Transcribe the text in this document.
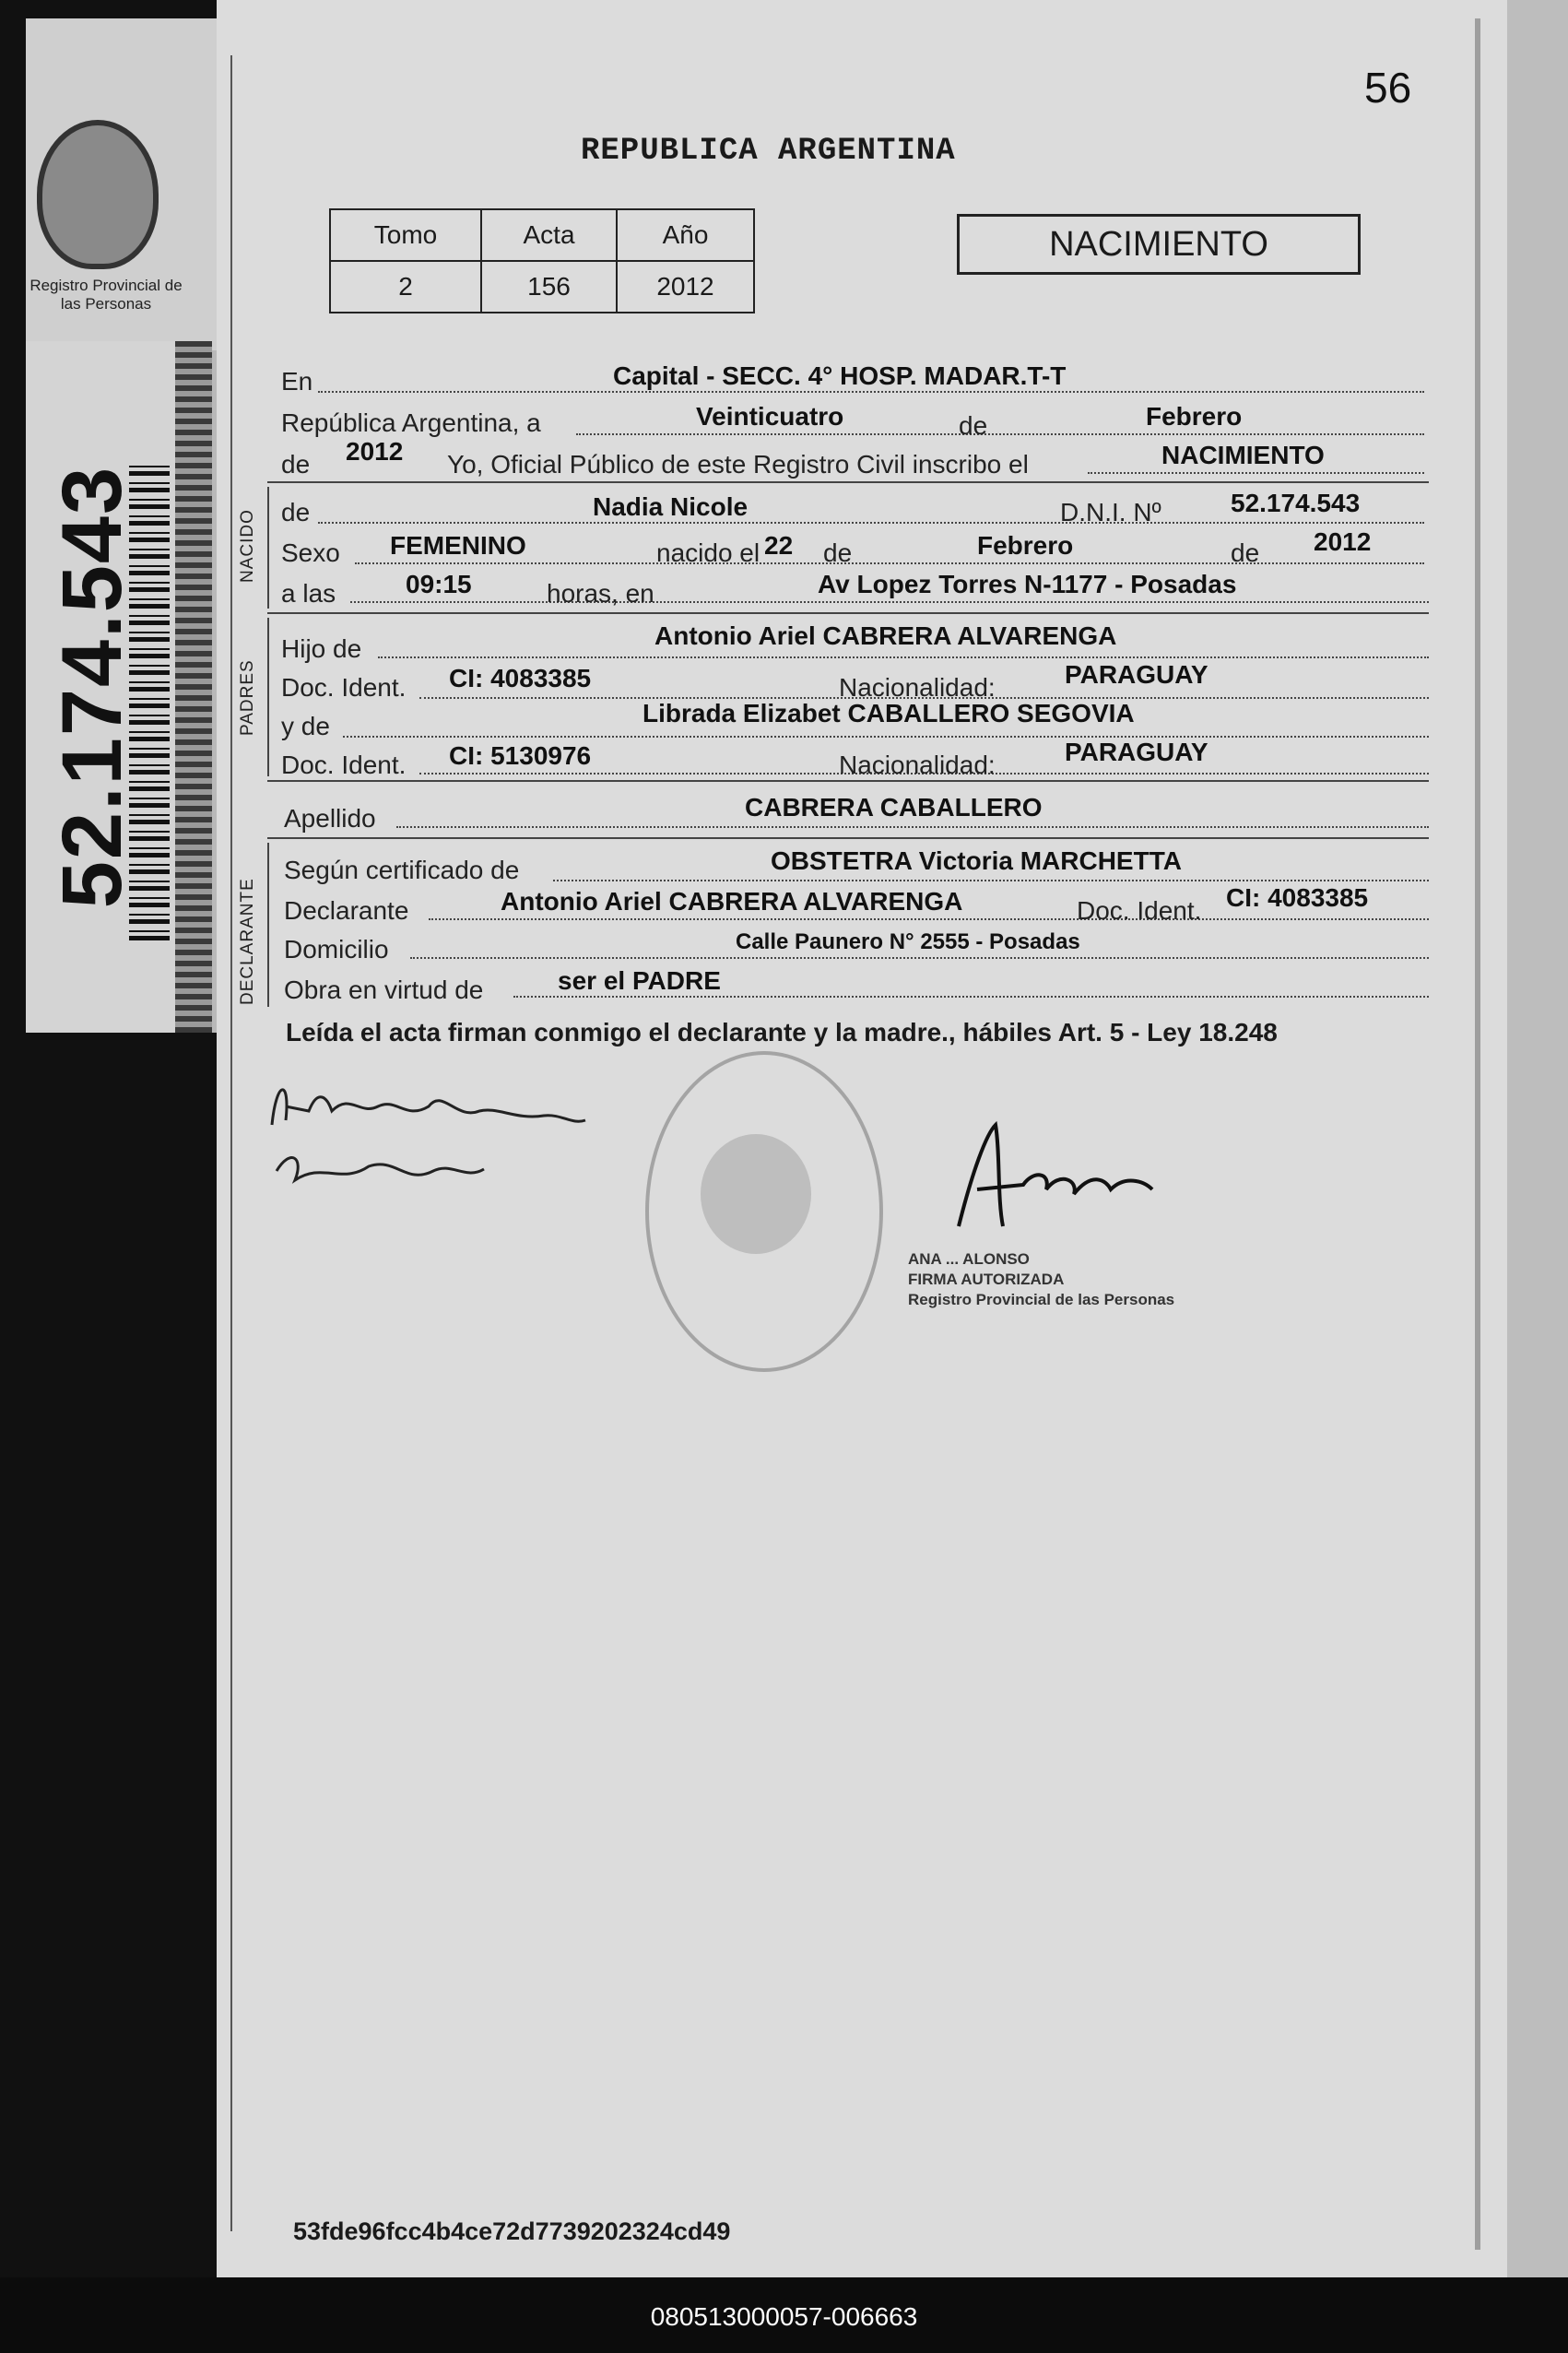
Registro Provincial de las Personas
52.174.543
56
REPUBLICA ARGENTINA
Tomo	Acta	Año
2	156	2012
NACIMIENTO
En	Capital - SECC. 4° HOSP. MADAR.T-T
República Argentina, a	Veinticuatro	de	Febrero
de 2012 Yo, Oficial Público de este Registro Civil inscribo el	NACIMIENTO
NACIDO de	Nadia Nicole	D.N.I. Nº	52.174.543
Sexo FEMENINO	nacido el 22 de	Febrero	de 2012
a las	09:15	horas, en	Av Lopez Torres N-1177 - Posadas
PADRES
Hijo de	Antonio Ariel CABRERA ALVARENGA
Doc. Ident. CI: 4083385	Nacionalidad:	PARAGUAY
y de	Librada Elizabet CABALLERO SEGOVIA
Doc. Ident. CI: 5130976	Nacionalidad:	PARAGUAY
Apellido	CABRERA CABALLERO
DECLARANTE
Según certificado de	OBSTETRA Victoria MARCHETTA
Declarante	Antonio Ariel CABRERA ALVARENGA	Doc. Ident. CI: 4083385
Domicilio	Calle Paunero N° 2555 - Posadas
Obra en virtud de	ser el PADRE
Leída el acta firman conmigo el declarante y la madre., hábiles Art. 5 - Ley 18.248
ANA ... ALONSO
FIRMA AUTORIZADA
Registro Provincial de las Personas
53fde96fcc4b4ce72d7739202324cd49
080513000057-006663
